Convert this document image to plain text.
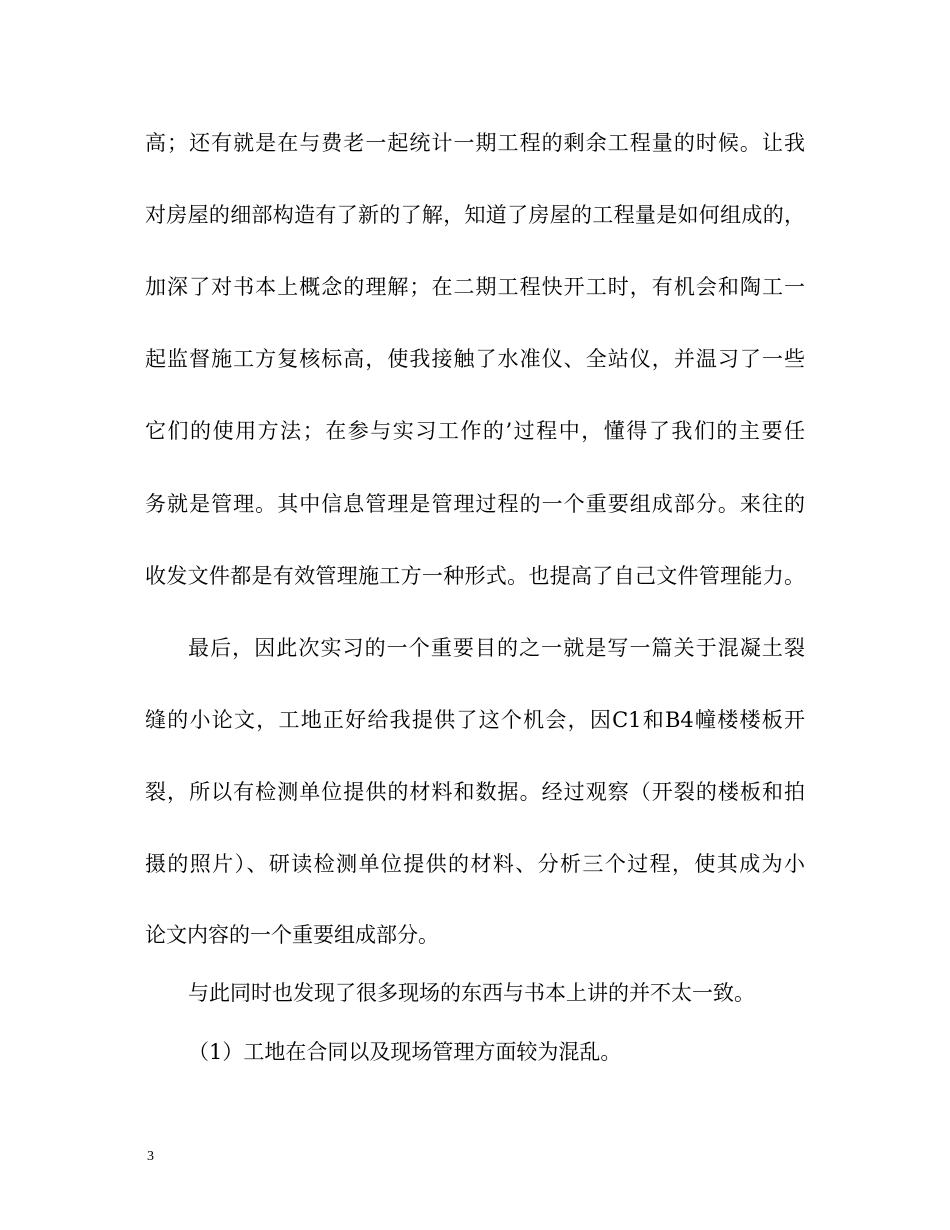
高；还有就是在与费老一起统计一期工程的剩余工程量的时候。让我
对房屋的细部构造有了新的了解，知道了房屋的工程量是如何组成的，
加深了对书本上概念的理解；在二期工程快开工时，有机会和陶工一
起监督施工方复核标高，使我接触了水准仪、全站仪，并温习了一些
它们的使用方法；在参与实习工作的’过程中，懂得了我们的主要任
务就是管理。其中信息管理是管理过程的一个重要组成部分。来往的
收发文件都是有效管理施工方一种形式。也提高了自己文件管理能力。
最后，因此次实习的一个重要目的之一就是写一篇关于混凝土裂
缝的小论文，工地正好给我提供了这个机会，因C1和B4幢楼楼板开
裂，所以有检测单位提供的材料和数据。经过观察（开裂的楼板和拍
摄的照片）、研读检测单位提供的材料、分析三个过程，使其成为小
论文内容的一个重要组成部分。
与此同时也发现了很多现场的东西与书本上讲的并不太一致。
（1）工地在合同以及现场管理方面较为混乱。
3
